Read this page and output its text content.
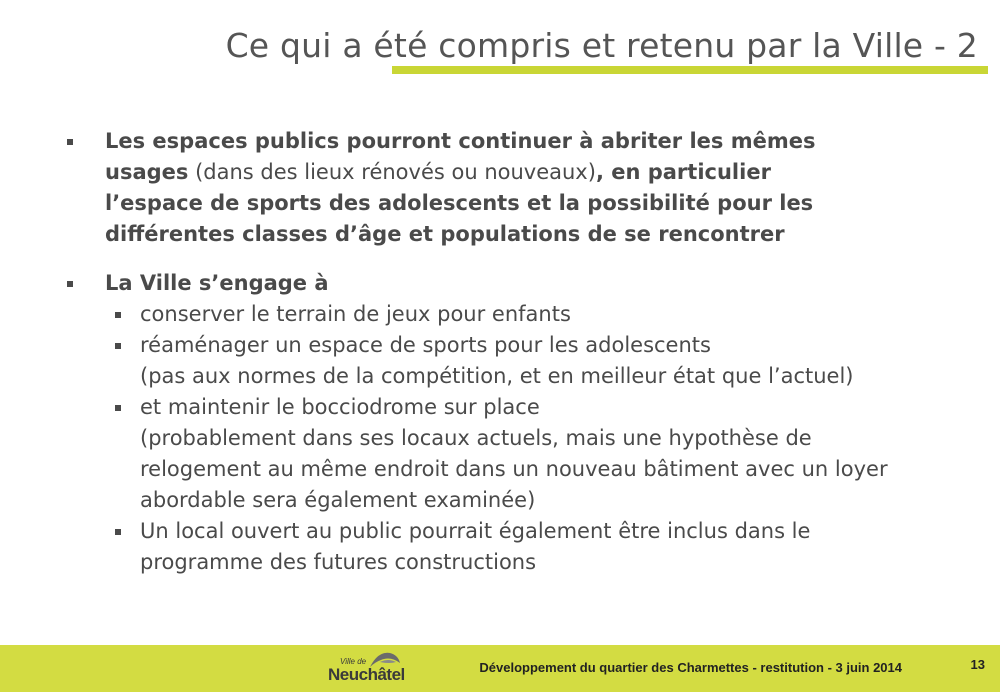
Ce qui a été compris et retenu par la Ville - 2
Les espaces publics pourront continuer à abriter les mêmes
usages (dans des lieux rénovés ou nouveaux), en particulier
l’espace de sports des adolescents et la possibilité pour les
différentes classes d’âge et populations de se rencontrer
La Ville s’engage à
conserver le terrain de jeux pour enfants
réaménager un espace de sports pour les adolescents
(pas aux normes de la compétition, et en meilleur état que l’actuel)
et maintenir le bocciodrome sur place
(probablement dans ses locaux actuels, mais une hypothèse de
relogement au même endroit dans un nouveau bâtiment avec un loyer
abordable sera également examinée)
Un local ouvert au public pourrait également être inclus dans le
programme des futures constructions
Ville de
Neuchâtel	Développement du quartier des Charmettes - restitution - 3 juin 2014	13
